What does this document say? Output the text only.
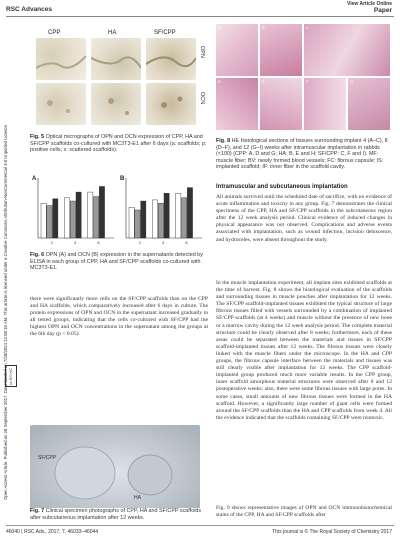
View Article Online
RSC Advances	Paper
Open Access Article. Published on 28 September 2017. Downloaded on 7/28/2024 12:58:10 AM. This article is licensed under a Creative Commons Attribution-NonCommercial 3.0 Unported Licence. cc BY-NC
CPP	HA	SF/CPP
OPN
OCN
Fig. 5 Optical micrographs of OPN and OCN expression of CPP, HA and SF/CPP scaffolds co-cultured with MC3T3-E1 after 6 days (a: scaffolds; p: positive cells; s: scattered scaffolds).
A	B	C
D	E	F	G
Fig. 8 HE histological sections of tissues surrounding implant 4 (A–C), 8 (D–F), and 12 (G–I) weeks after intramuscular implantation in rabbits (×100) (CPP: A, D and G; HA: B, E and H; SF/CPP: C, F and I). MF: muscle fiber; BV: newly formed blood vessels; FC: fibrous capsule; IS: implanted scaffold; IF: inner fiber in the scaffold cavity.
A
2	4	6
B
2	4	6
Fig. 6 OPN (A) and OCN (B) expression in the supernatants detected by ELISA in each group of CPP, HA and SF/CPP scaffolds co-cultured with MC3T3-E1.
there were significantly more cells on the SF/CPP scaffolds than on the CPP and HA scaffolds, which comparatively increased after 6 days in culture. The protein expressions of OPN and OCN in the supernatant increased gradually in all tested groups, indicating that the cells co-cultured with SF/CPP had the highest OPN and OCN concentrations in the supernatant among the groups at the 6th day (p < 0.05).
SF/CPP
HA
Fig. 7 Clinical specimen photographs of CPP, HA and SF/CPP scaffolds after subcutaneous implantation after 12 weeks.
Intramuscular and subcutaneous implantation
All animals survived until the scheduled date of sacrifice, with no evidence of acute inflammation and toxicity in any group. Fig. 7 demonstrates the clinical specimens of the CPP, HA and SF/CPP scaffolds in the subcutaneous region after the 12 week analysis period. Clinical evidence of induced changes in physical appearance was not observed. Complications and adverse events associated with implantation, such as wound infection, incision dehiscence, and hydroceles, were absent throughout the study.
In the muscle implantation experiment, all implant sites exhibited scaffolds at the time of harvest. Fig. 8 shows the histological evaluation of the scaffolds and surrounding tissues in muscle pouches after implantation for 12 weeks. The SF/CPP scaffold-implanted tissues exhibited the typical structure of large fibrous tissues filled with vessels surrounded by a combination of implanted SF/CPP scaffolds (at 4 weeks) and muscle without the presence of new bone or a marrow cavity during the 12 week analysis period. The complete material structure could be clearly observed after 8 weeks; furthermore, each of these areas could be separated between the materials and tissues in SF/CPP scaffold-implanted tissues after 12 weeks. The fibrous tissues were closely linked with the muscle fibers under the microscope. In the HA and CPP groups, the fibrous capsule interface between the materials and tissues was still clearly visible after implantation for 12 weeks. The CPP scaffold-implanted group produced much more variable results. In the CPP group, inner scaffold amorphous material structures were observed after 8 and 12 postoperative weeks; also, there were some fibrous tissues with large pores. In some cases, small amounts of new fibrous tissues were formed in the HA scaffold. However, a significantly large number of giant cells were formed around the SF/CPP scaffolds than the HA and CPP scaffolds from week 4. All the evidence indicated that the scaffolds containing SF/CPP were nontoxic.
Fig. 9 shows representative images of OPN and OCN immunohistochemical stains of the CPP, HA and SF/CPP scaffolds after
46040 | RSC Adv., 2017, 7, 46033–46044	This journal is © The Royal Society of Chemistry 2017
